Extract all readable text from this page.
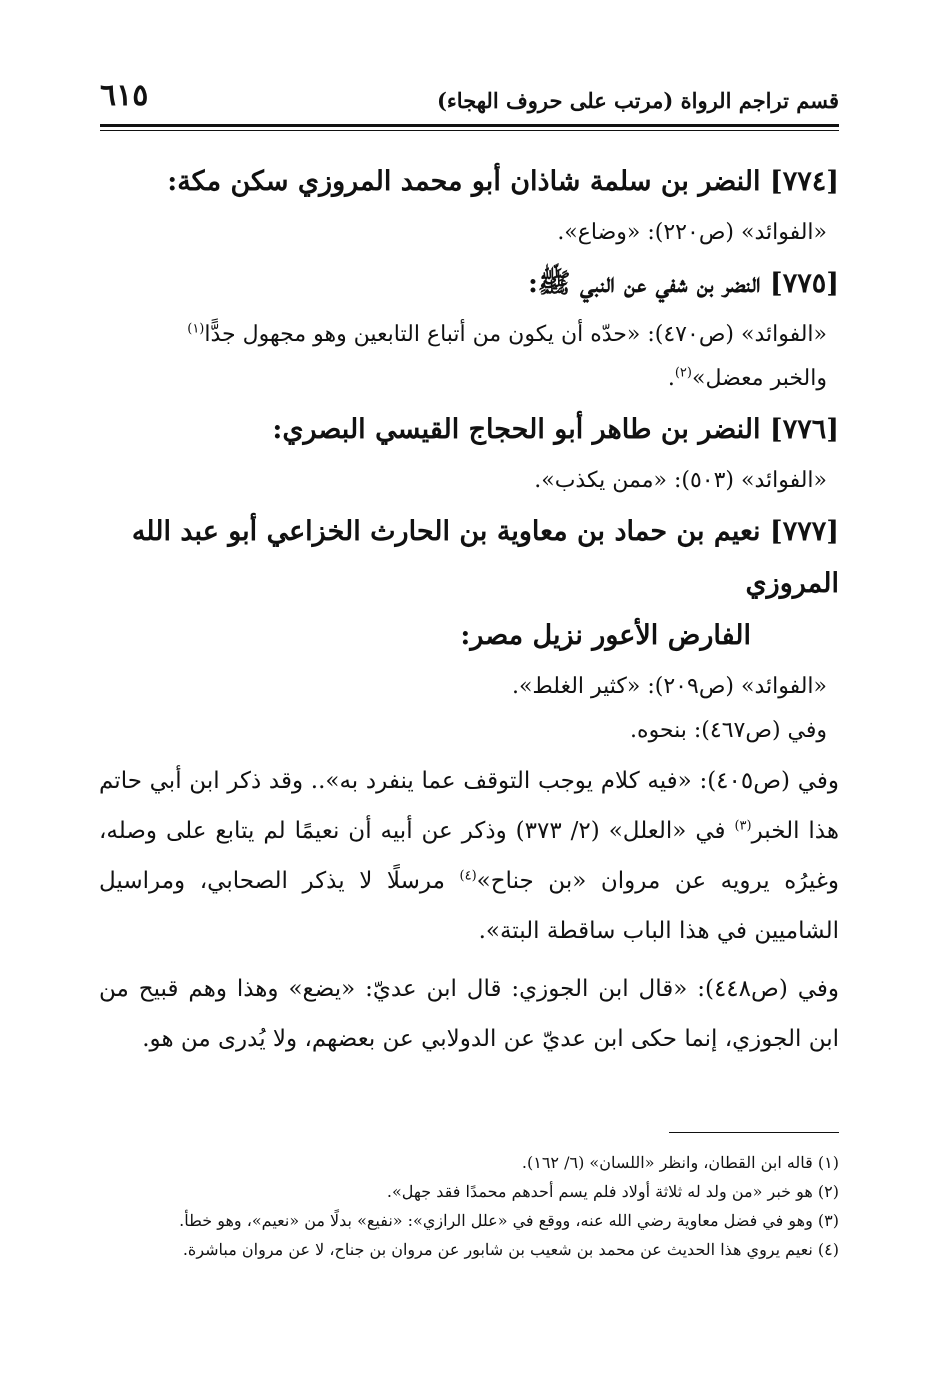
٦١٥	قسم تراجم الرواة (مرتب على حروف الهجاء)
[٧٧٤] النضر بن سلمة شاذان أبو محمد المروزي سكن مكة:
«الفوائد» (ص٢٢٠): «وضاع».
[٧٧٥] النضر بن شفي عن النبي ﷺ:
«الفوائد» (ص٤٧٠): «حدّه أن يكون من أتباع التابعين وهو مجهول جدًّا$^{(١)}$
والخبر معضل»$^{(٢)}$.
[٧٧٦] النضر بن طاهر أبو الحجاج القيسي البصري:
«الفوائد» (٥٠٣): «ممن يكذب».
[٧٧٧] نعيم بن حماد بن معاوية بن الحارث الخزاعي أبو عبد الله المروزي
الفارض الأعور نزيل مصر:
«الفوائد» (ص٢٠٩): «كثير الغلط».
وفي (ص٤٦٧): بنحوه.

وفي (ص٤٠٥): «فيه كلام يوجب التوقف عما ينفرد به».. وقد ذكر ابن أبي حاتم هذا الخبر$^{(٣)}$ في «العلل» (٢/ ٣٧٣) وذكر عن أبيه أن نعيمًا لم يتابع على وصله، وغيرُه يرويه عن مروان «بن جناح»$^{(٤)}$ مرسلًا لا يذكر الصحابي، ومراسيل الشاميين في هذا الباب ساقطة البتة».

وفي (ص٤٤٨): «قال ابن الجوزي: قال ابن عديّ: «يضع» وهذا وهم قبيح من ابن الجوزي، إنما حكى ابن عديّ عن الدولابي عن بعضهم، ولا يُدرى من هو.

(١) قاله ابن القطان، وانظر «اللسان» (٦/ ١٦٢).
(٢) هو خبر «من ولد له ثلاثة أولاد فلم يسم أحدهم محمدًا فقد جهل».
(٣) وهو في فضل معاوية رضي الله عنه، ووقع في «علل الرازي»: «نفيع» بدلًا من «نعيم»، وهو خطأ.
(٤) نعيم يروي هذا الحديث عن محمد بن شعيب بن شابور عن مروان بن جناح، لا عن مروان مباشرة.
